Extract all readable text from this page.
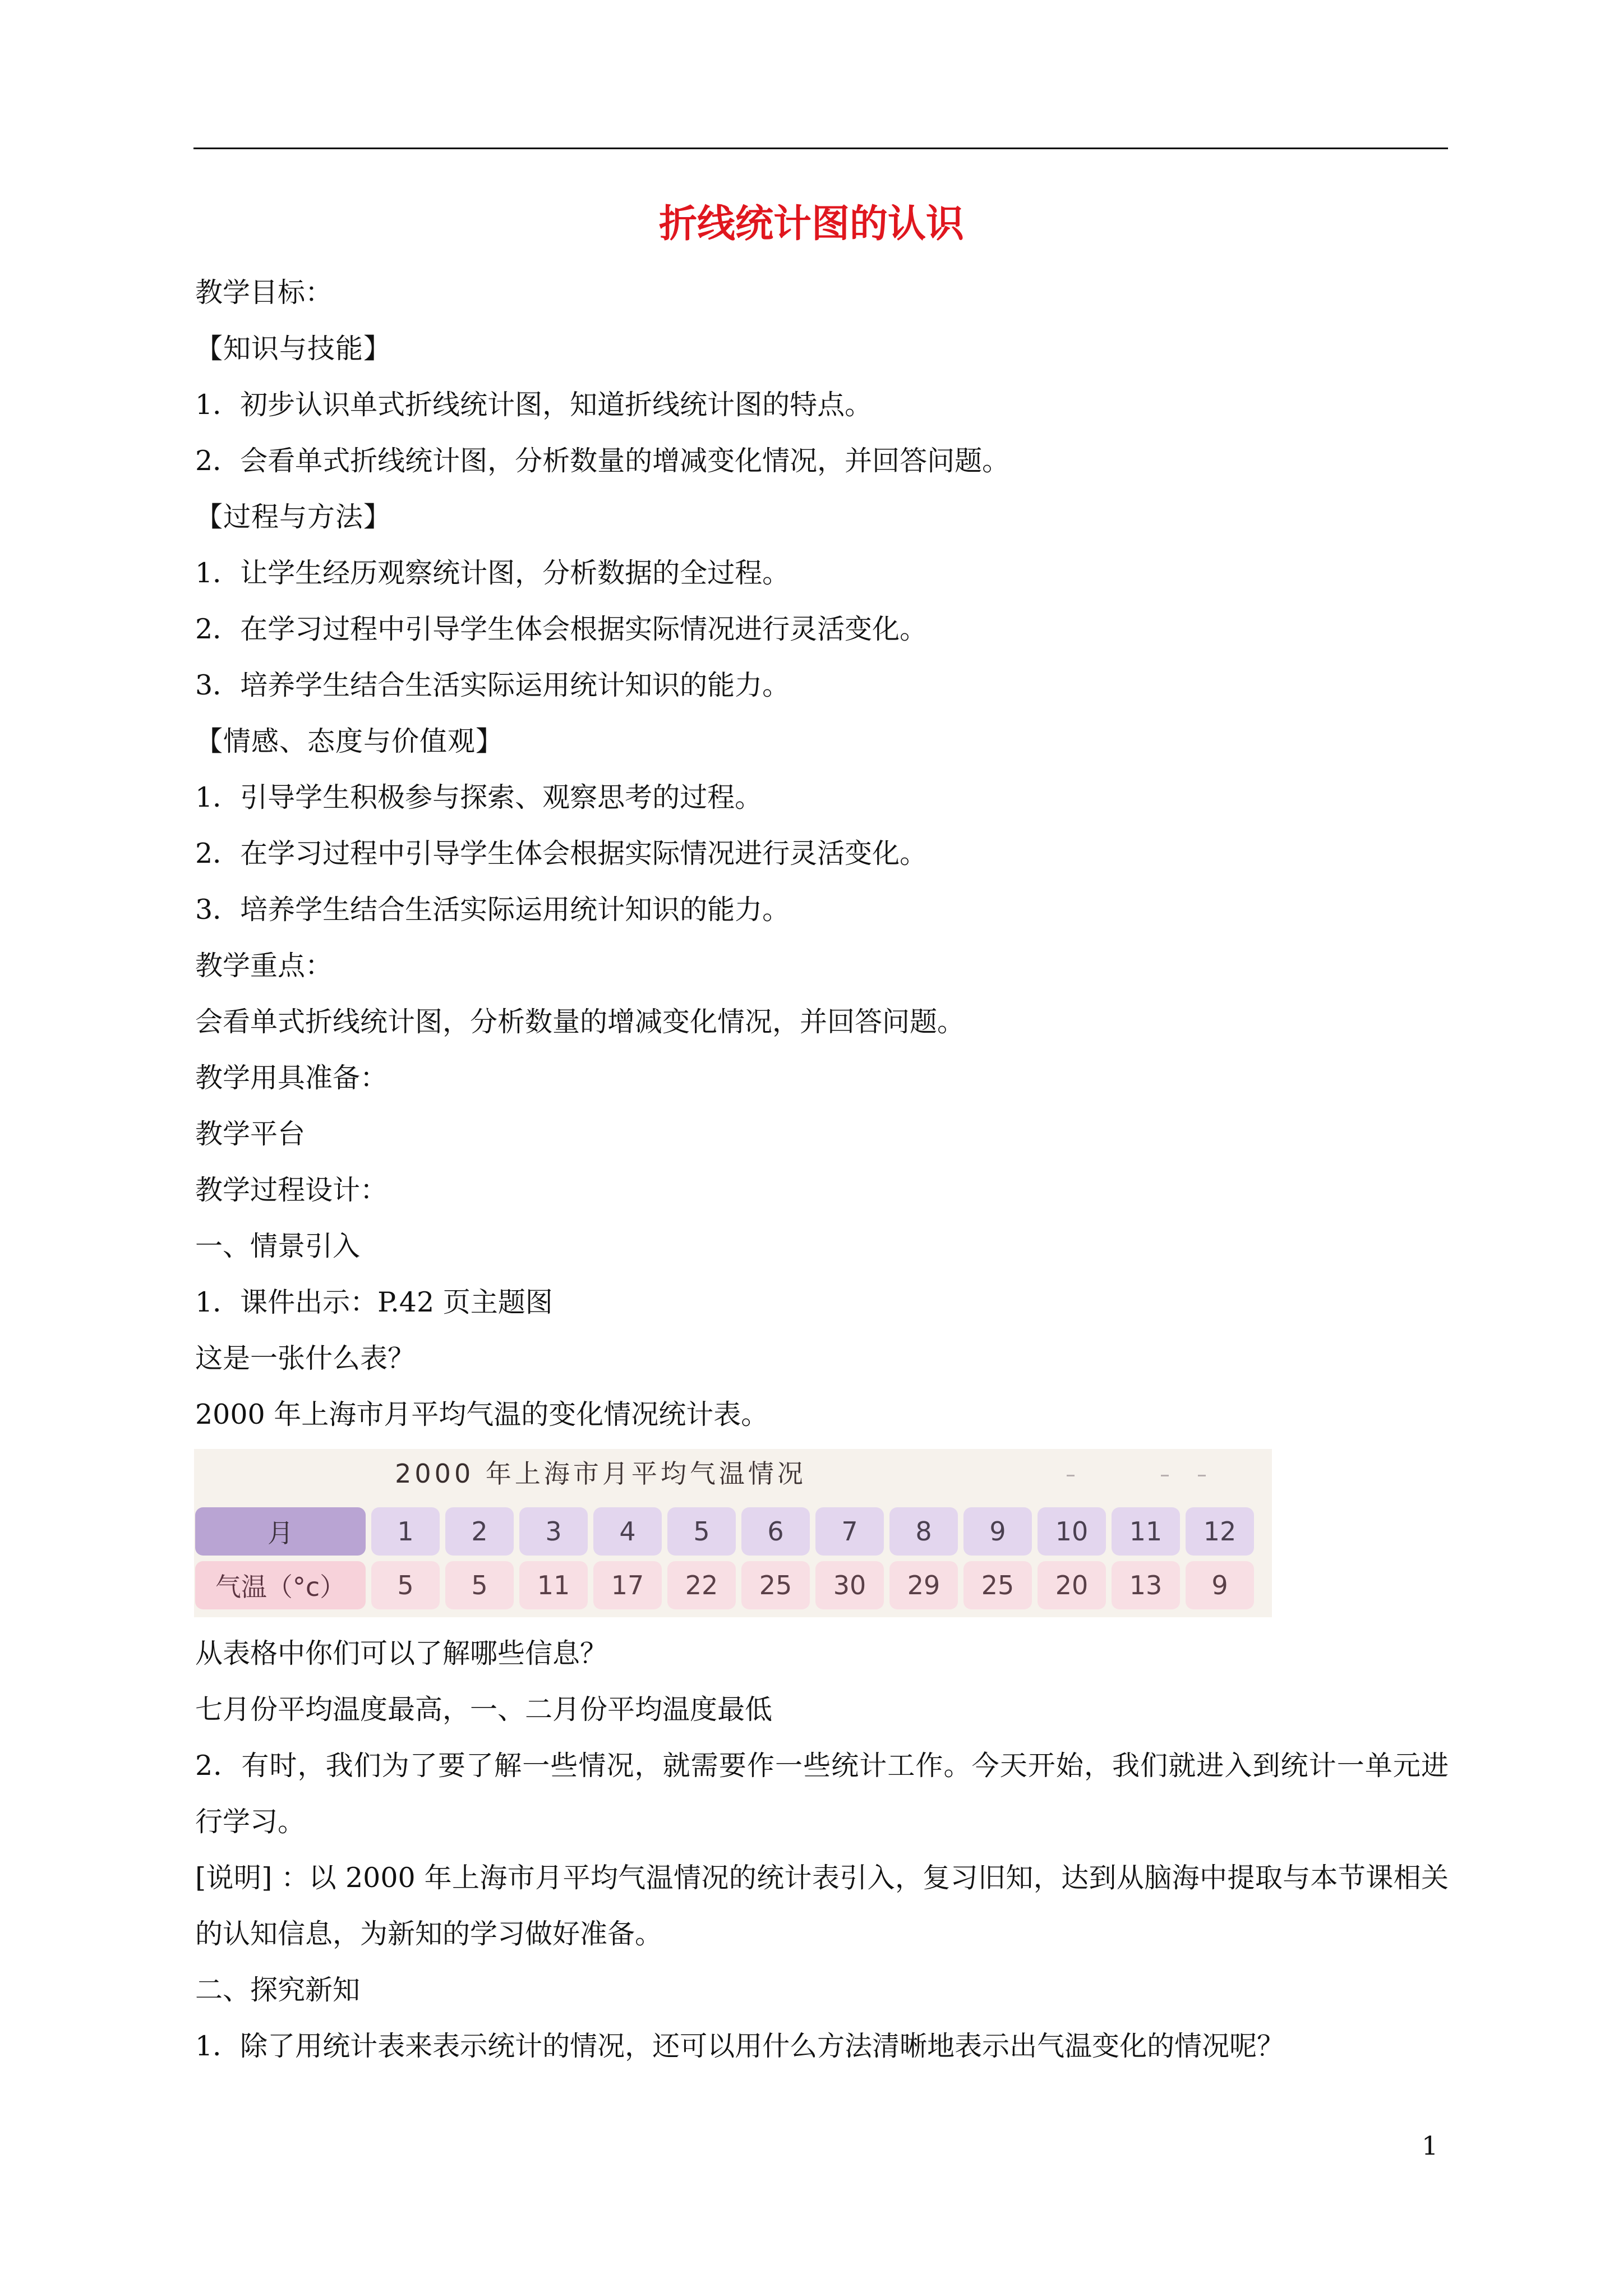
折线统计图的认识
教学目标：
【知识与技能】
1．初步认识单式折线统计图，知道折线统计图的特点。
2．会看单式折线统计图，分析数量的增减变化情况，并回答问题。
【过程与方法】
1．让学生经历观察统计图，分析数据的全过程。
2．在学习过程中引导学生体会根据实际情况进行灵活变化。
3．培养学生结合生活实际运用统计知识的能力。
【情感、态度与价值观】
1．引导学生积极参与探索、观察思考的过程。
2．在学习过程中引导学生体会根据实际情况进行灵活变化。
3．培养学生结合生活实际运用统计知识的能力。
教学重点：
会看单式折线统计图，分析数量的增减变化情况，并回答问题。
教学用具准备：
教学平台
教学过程设计：
一、情景引入
1．课件出示：P.42 页主题图
这是一张什么表？
2000 年上海市月平均气温的变化情况统计表。
2000 年上海市月平均气温情况
月	1	2	3	4	5	6	7	8	9	10	11	12
气温（°c）	5	5	11	17	22	25	30	29	25	20	13	9
从表格中你们可以了解哪些信息？
七月份平均温度最高，一、二月份平均温度最低
2．有时，我们为了要了解一些情况，就需要作一些统计工作。今天开始，我们就进入到统计一单元进行学习。
[说明] ：以 2000 年上海市月平均气温情况的统计表引入，复习旧知，达到从脑海中提取与本节课相关的认知信息，为新知的学习做好准备。
二、探究新知
1．除了用统计表来表示统计的情况，还可以用什么方法清晰地表示出气温变化的情况呢？
1
